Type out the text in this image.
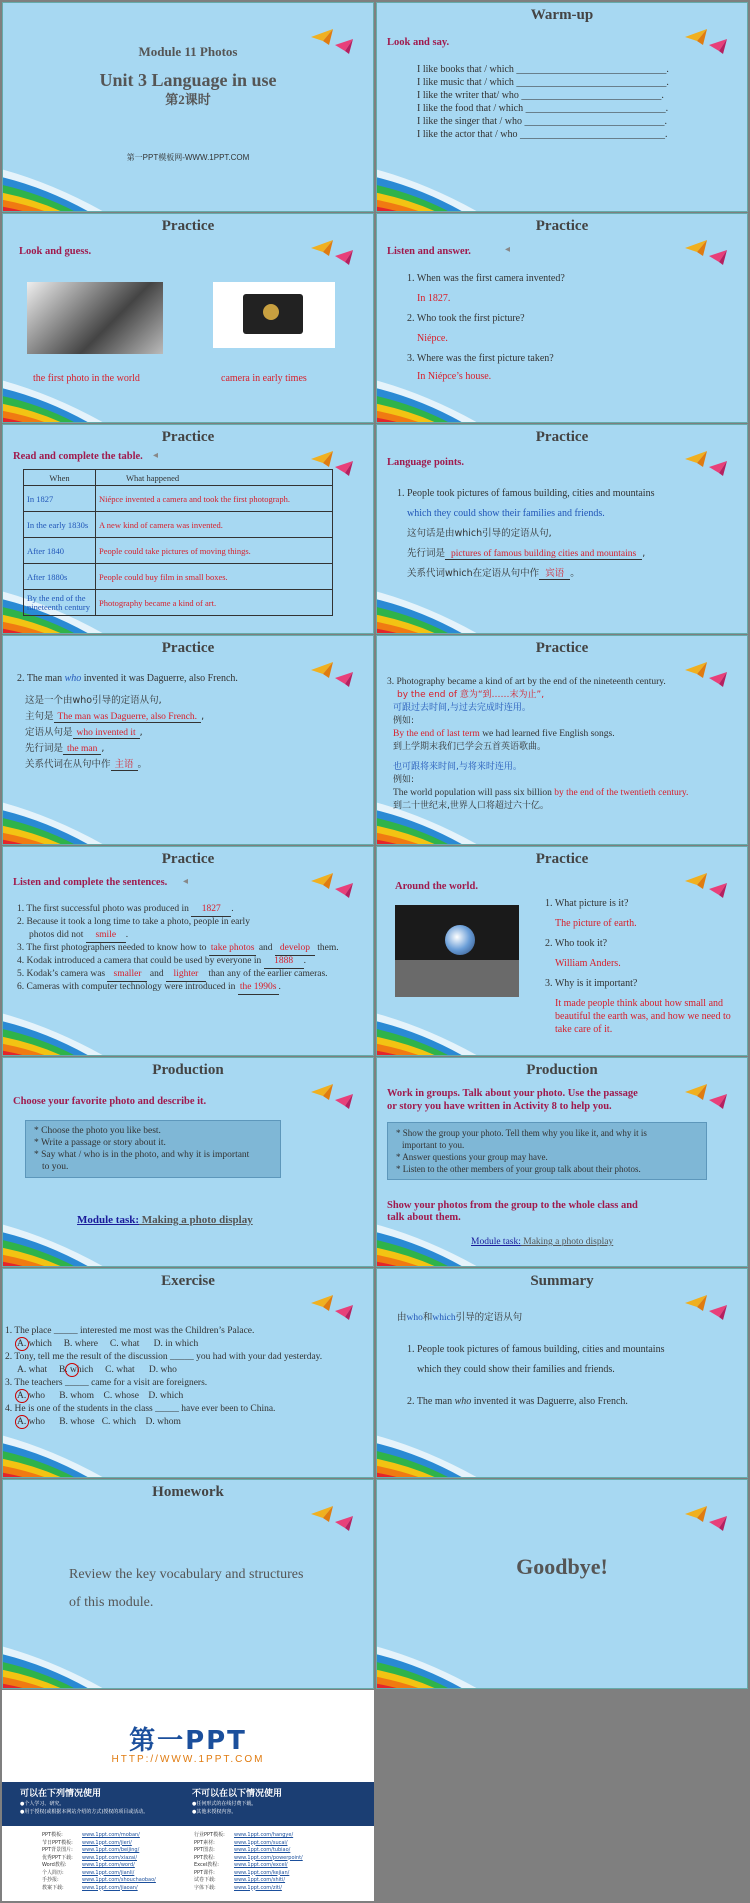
Module 11 Photos
Unit 3 Language in use
第2课时
第一PPT模板网-WWW.1PPT.COM
Warm-up
Look and say.
I like books that / which ______________________________.
I like music that / which ______________________________.
I like the writer that/ who ____________________________.
I like the food that / which ____________________________.
I like the singer that / who ____________________________.
I like the actor that / who _____________________________.
Practice
Look and guess.
the first photo in the world	camera in early times
Practice
Listen and answer.	◂
1. When was the first camera invented?
In 1827.
2. Who took the first picture?
Niépce.
3. Where was the first picture taken?
In Niépce’s house.
Practice
Read and complete the table. ◂
When	What happened
In 1827	Niépce invented a camera and took the first photograph.
In the early 1830s	A new kind of camera was invented.
After 1840	People could take pictures of moving things.
After 1880s	People could buy film in small boxes.
By the end of the nineteenth century	Photography became a kind of art.
Practice
Language points.
1. People took pictures of famous building, cities and mountains
which they could show their families and friends.
这句话是由which引导的定语从句,
先行词是 pictures of famous building cities and mountains ,
关系代词which在定语从句中作 宾语 。
Practice
2. The man who invented it was Daguerre, also French.
这是一个由who引导的定语从句,
主句是 The man was Daguerre, also French. ,
定语从句是 who invented it ,
先行词是 the man ,
关系代词在从句中作 主语 。
Practice
3. Photography became a kind of art by the end of the nineteenth century.
by the end of 意为“到……末为止”,
可跟过去时间,与过去完成时连用。
例如:
By the end of last term we had learned five English songs.
到上学期末我们已学会五首英语歌曲。
也可跟将来时间,与将来时连用。
例如:
The world population will pass six billion by the end of the twentieth century.
到二十世纪末,世界人口将超过六十亿。
Practice
Listen and complete the sentences. ◂
1. The first successful photo was produced in 1827 .
2. Because it took a long time to take a photo, people in early
photos did not smile .
3. The first photographers needed to know how to take photos and develop them.
4. Kodak introduced a camera that could be used by everyone in 1888 .
5. Kodak’s camera was smaller and lighter than any of the earlier cameras.
6. Cameras with computer technology were introduced in the 1990s .
Practice
Around the world.
1. What picture is it?
The picture of earth.
2. Who took it?
William Anders.
3. Why is it important?
It made people think about how small and beautiful the earth was, and how we need to take care of it.
Production
Choose your favorite photo and describe it.
* Choose the photo you like best.
* Write a passage or story about it.
* Say what / who is in the photo, and why it is important
to you.
Module task: Making a photo display
Production
Work in groups. Talk about your photo. Use the passage
or story you have written in Activity 8 to help you.
* Show the group your photo. Tell them why you like it, and why it is
important to you.
* Answer questions your group may have.
* Listen to the other members of your group talk about their photos.
Show your photos from the group to the whole class and
talk about them.
Module task: Making a photo display
Exercise
1. The place _____ interested me most was the Children’s Palace.
A. which     B. where     C. what      D. in which
2. Tony, tell me the result of the discussion _____ you had with your dad yesterday.
A. what     B. which     C. what      D. who
3. The teachers _____ came for a visit are foreigners.
A. who      B. whom    C. whose    D. which
4. He is one of the students in the class _____ have ever been to China.
A. who      B. whose   C. which    D. whom
Summary
由who和which引导的定语从句
1. People took pictures of famous building, cities and mountains
which they could show their families and friends.
2. The man who invented it was Daguerre, also French.
Homework
Review the key vocabulary and structures
of this module.
Goodbye!
第一PPT
HTTP://WWW.1PPT.COM
可以在下列情况使用
●个人学习、研究。
●用于授权(或根据本网站介绍的方式)授权的项目或活动。
不可以在以下情况使用
●任何形式的在线付费下载。
●其他未授权内容。
PPT模板:	www.1ppt.com/moban/
节日PPT模板: www.1ppt.com/jieri/
PPT背景图片: www.1ppt.com/beijing/
优秀PPT下载: www.1ppt.com/xiazai/
Word教程:	www.1ppt.com/word/
个人简历:	www.1ppt.com/jianli/
手抄报:	www.1ppt.com/shouchaobao/
教案下载:	www.1ppt.com/jiaoan/
行业PPT模板: www.1ppt.com/hangye/
PPT素材:	www.1ppt.com/sucai/
PPT图表:	www.1ppt.com/tubiao/
PPT教程:	www.1ppt.com/powerpoint/
Excel教程:	www.1ppt.com/excel/
PPT课件:	www.1ppt.com/kejian/
试卷下载:	www.1ppt.com/shiti/
字体下载:	www.1ppt.com/ziti/
